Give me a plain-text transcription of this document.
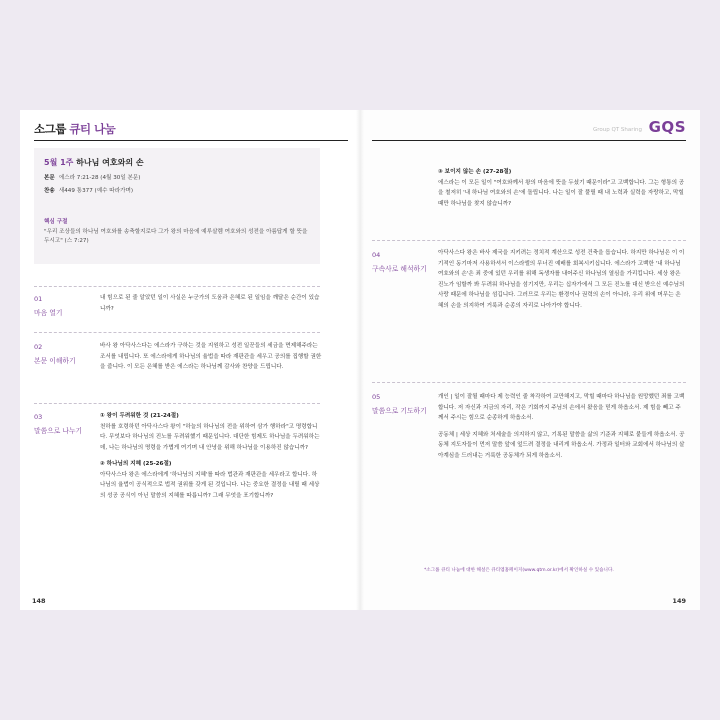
소그룹 큐티 나눔
5월 1주 하나님 여호와의 손
본문 에스라 7:21-28 (4월 30일 본문)
찬송 새449 통377 (예수 따라가며)
핵심 구절
"우리 조상들의 하나님 여호와를 송축할지로다 그가 왕의 마음에 예루살렘 여호와의 성전을 아름답게 할 뜻을 두시고" (스 7:27)
01
마음 열기
내 힘으로 된 줄 알았던 일이 사실은 누군가의 도움과 은혜로 된 일임을 깨달은 순간이 있습니까?
02
본문 이해하기
바사 왕 아닥사스다는 에스라가 구하는 것을 지원하고 성전 일꾼들의 세금을 면제해주라는 조서를 내립니다. 또 에스라에게 하나님의 율법을 따라 재판관을 세우고 공의를 집행할 권한을 줍니다. 이 모든 은혜를 받은 에스라는 하나님께 감사와 찬양을 드립니다.
03
말씀으로 나누기
① 왕이 두려워한 것 (21-24절)
천하를 호령하던 아닥사스다 왕이 "하늘의 하나님의 전을 위하여 삼가 행하라"고 명령합니다. 무엇보다 하나님의 진노를 두려워했기 때문입니다. 대단한 힘제도 하나님을 두려워하는데, 나는 하나님의 명령을 가볍게 여기며 내 안녕을 위해 하나님을 이용하진 않습니까?
② 하나님의 지혜 (25-26절)
아닥사스다 왕은 에스라에게 '하나님의 지혜'를 따라 법관과 재판관을 세우라고 합니다. 하나님의 율법이 공식적으로 법적 권위를 갖게 된 것입니다. 나는 중요한 결정을 내릴 때 세상의 성공 공식이 아닌 말씀의 지혜를 따릅니까? 그래 무엇을 포기합니까?
148
Group QT Sharing GQS
③ 보이지 않는 손 (27-28절)
에스라는 이 모든 일이 "여호와께서 왕의 마음에 뜻을 두셨기 때문이라"고 고백합니다. 그는 형통의 공을 철저히 '내 하나님 여호와의 손'에 돌립니다. 나는 일이 잘 풀릴 때 내 노력과 실력을 자랑하고, 막힐 때만 하나님을 찾지 않습니까?
04
구속사로 해석하기
아닥사스다 왕은 바사 제국을 지키려는 정치적 계산으로 성전 건축을 돕습니다. 하지만 하나님은 이 이기적인 동기마저 사용하셔서 이스라엘의 무너진 예배를 회복시키십니다. 에스라가 고백한 '내 하나님 여호와의 손'은 죄 중에 있던 우리를 위해 독생자를 내어주신 하나님의 열심을 가리킵니다. 세상 왕은 진노가 임할까 봐 두려워 하나님을 섬기지만, 우리는 십자가에서 그 모든 진노를 대신 받으신 예수님의 사랑 때문에 하나님을 섬깁니다. 그러므로 우리는 환경이나 권력의 손이 아니라, 우리 위에 머무는 은혜의 손을 의지하여 거룩과 순종의 자리로 나아가야 합니다.
05
말씀으로 기도하기
개인 | 일이 잘될 때마다 제 능력인 줄 착각하여 교만해지고, 막힐 때마다 하나님을 원망했던 죄를 고백합니다. 저 자신과 지금의 자리, 작은 기회까지 주님의 손에서 왔음을 믿게 하옵소서. 제 힘을 빼고 주께서 주시는 힘으로 순종하게 하옵소서.
공동체 | 세상 지혜와 처세술을 의지하지 않고, 기록된 말씀을 삶의 기준과 지혜로 붙들게 하옵소서. 공동체 지도자들이 먼저 말씀 앞에 엎드려 결정을 내리게 하옵소서. 가정과 일터와 교회에서 하나님의 살아계심을 드러내는 거룩한 공동체가 되게 하옵소서.
*소그룹 큐티 나눔에 대한 해설은 큐티엠홈페이지(www.qtm.or.kr)에서 확인하실 수 있습니다.
149
